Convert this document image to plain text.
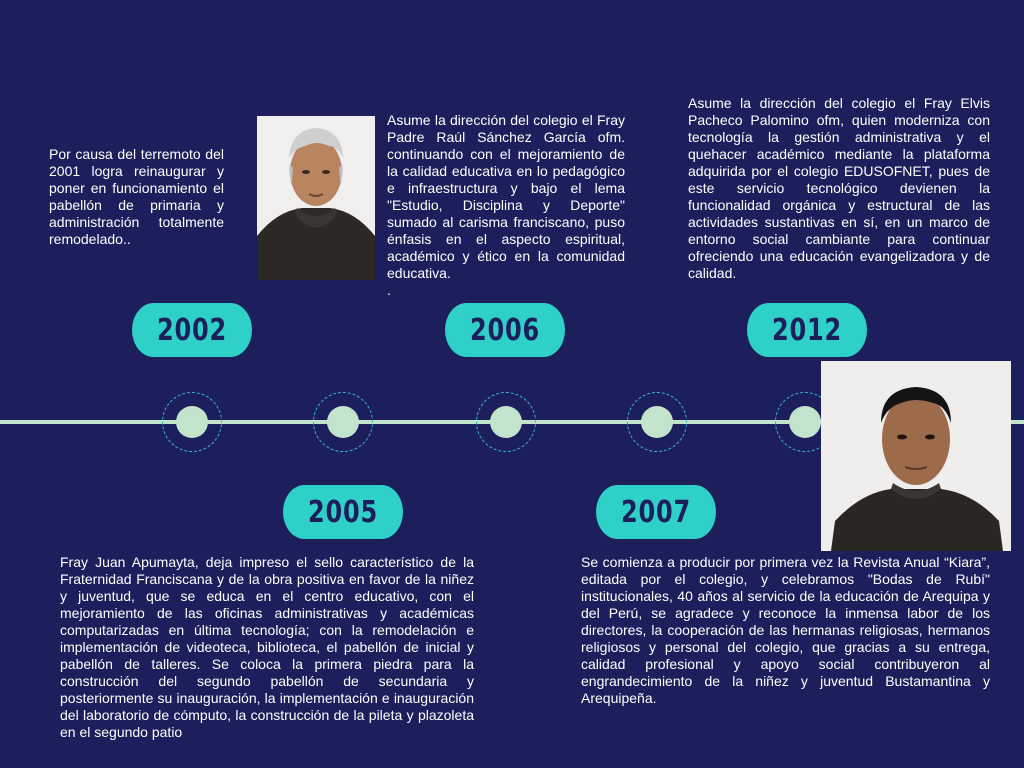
2002	2006	2012
2005	2007
Por causa del terremoto del 2001 logra reinaugurar y poner en funcionamiento el pabellón de primaria y administración totalmente remodelado..
Asume la dirección del colegio el Fray Padre Raúl Sánchez García ofm. continuando con el mejoramiento de la calidad educativa en lo pedagógico e infraestructura y bajo el lema "Estudio, Disciplina y Deporte" sumado al carisma franciscano, puso énfasis en el aspecto espiritual, académico y ético en la comunidad educativa.
.
Asume la dirección del colegio el Fray Elvis Pacheco Palomino ofm, quien moderniza con tecnología la gestión administrativa y el quehacer académico mediante la plataforma adquirida por el colegio EDUSOFNET, pues de este servicio tecnológico devienen la funcionalidad orgánica y estructural de las actividades sustantivas en sí, en un marco de entorno social cambiante para continuar ofreciendo una educación evangelizadora y de calidad.
Fray Juan Apumayta, deja impreso el sello característico de la Fraternidad Franciscana y de la obra positiva en favor de la niñez y juventud, que se educa en el centro educativo, con el mejoramiento de las oficinas administrativas y académicas computarizadas en última tecnología; con la remodelación e implementación de videoteca, biblioteca, el pabellón de inicial y pabellón de talleres. Se coloca la primera piedra para la construcción del segundo pabellón de secundaria y posteriormente su inauguración, la implementación e inauguración del laboratorio de cómputo, la construcción de la pileta y plazoleta en el segundo patio
Se comienza a producir por primera vez la Revista Anual “Kiara”, editada por el colegio, y celebramos "Bodas de Rubí" institucionales, 40 años al servicio de la educación de Arequipa y del Perú, se agradece y reconoce la inmensa labor de los directores, la cooperación de las hermanas religiosas, hermanos religiosos y personal del colegio, que gracias a su entrega, calidad profesional y apoyo social contribuyeron al engrandecimiento de la niñez y juventud Bustamantina y Arequipeña.
